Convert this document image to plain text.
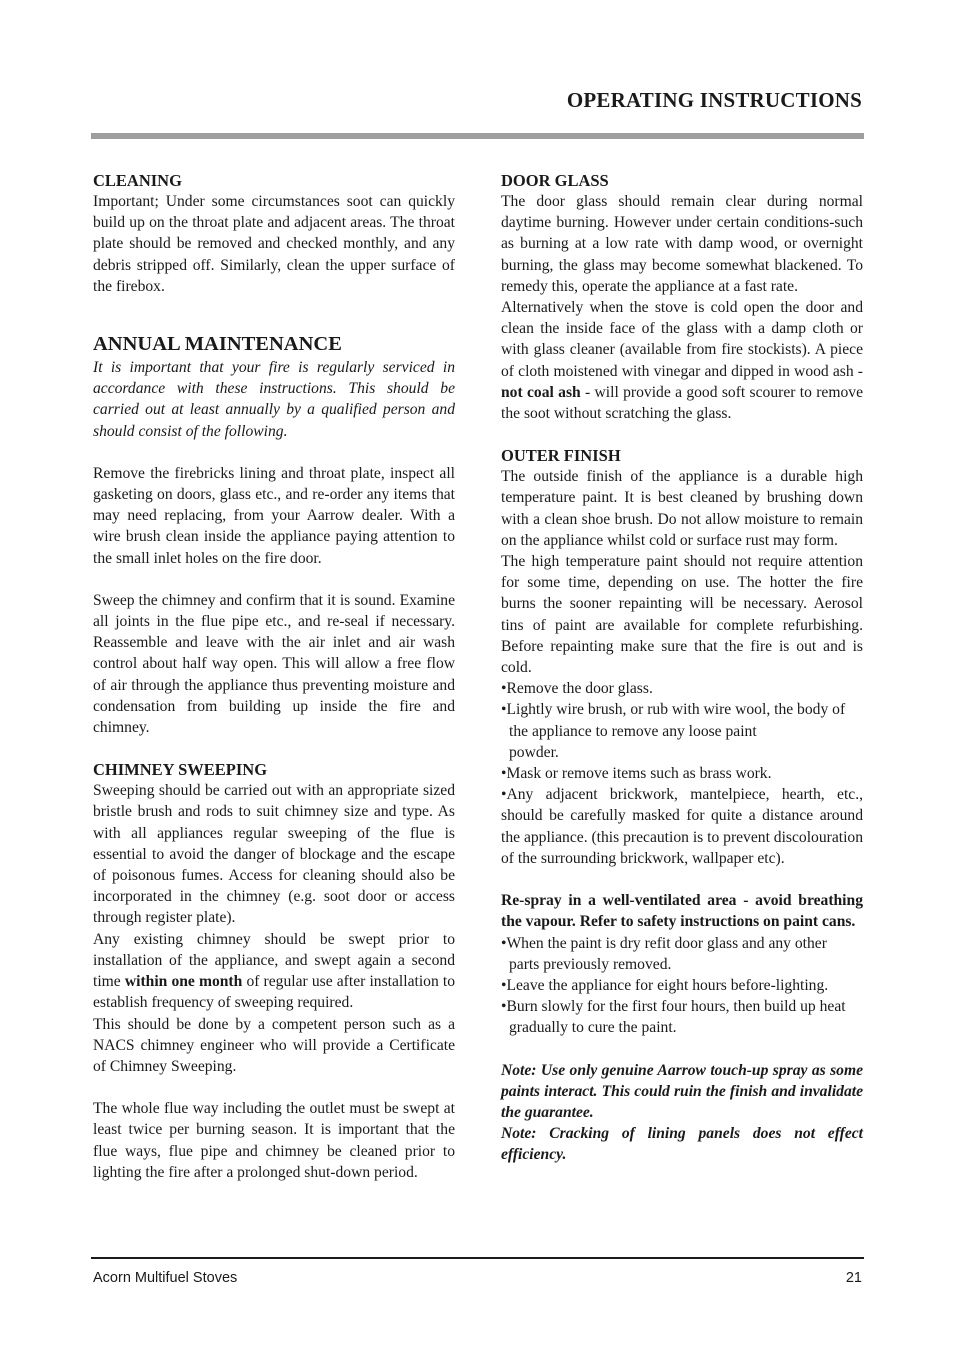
OPERATING INSTRUCTIONS

CLEANING

Important; Under some circumstances soot can quickly build up on the throat plate and adjacent areas. The throat plate should be removed and checked monthly, and any debris stripped off. Similarly, clean the upper surface of the firebox.

ANNUAL MAINTENANCE

It is important that your fire is regularly serviced in accordance with these instructions. This should be carried out at least annually by a qualified person and should consist of the following.

Remove the firebricks lining and throat plate, inspect all gasketing on doors, glass etc., and re-order any items that may need replacing, from your Aarrow dealer. With a wire brush clean inside the appliance paying attention to the small inlet holes on the fire door.

Sweep the chimney and confirm that it is sound. Examine all joints in the flue pipe etc., and re-seal if necessary. Reassemble and leave with the air inlet and air wash control about half way open. This will allow a free flow of air through the appliance thus preventing moisture and condensation from building up inside the fire and chimney.

CHIMNEY SWEEPING

Sweeping should be carried out with an appropriate sized bristle brush and rods to suit chimney size and type. As with all appliances regular sweeping of the flue is essential to avoid the danger of blockage and the escape of poisonous fumes. Access for cleaning should also be incorporated in the chimney (e.g. soot door or access through register plate).

Any existing chimney should be swept prior to installation of the appliance, and swept again a second time within one month of regular use after installation to establish frequency of sweeping required.

This should be done by a competent person such as a NACS chimney engineer who will provide a Certificate of Chimney Sweeping.

The whole flue way including the outlet must be swept at least twice per burning season. It is important that the flue ways, flue pipe and chimney be cleaned prior to lighting the fire after a prolonged shut-down period.

DOOR GLASS

The door glass should remain clear during normal daytime burning. However under certain conditions-such as burning at a low rate with damp wood, or overnight burning, the glass may become somewhat blackened. To remedy this, operate the appliance at a fast rate.

Alternatively when the stove is cold open the door and clean the inside face of the glass with a damp cloth or with glass cleaner (available from fire stockists). A piece of cloth moistened with vinegar and dipped in wood ash - not coal ash - will provide a good soft scourer to remove the soot without scratching the glass.

OUTER FINISH

The outside finish of the appliance is a durable high temperature paint. It is best cleaned by brushing down with a clean shoe brush. Do not allow moisture to remain on the appliance whilst cold or surface rust may form.

The high temperature paint should not require attention for some time, depending on use. The hotter the fire burns the sooner repainting will be necessary. Aerosol tins of paint are available for complete refurbishing. Before repainting make sure that the fire is out and is cold.

•Remove the door glass.

•Lightly wire brush, or rub with wire wool, the body of

the appliance to remove any loose paint

powder.

•Mask or remove items such as brass work.

•Any adjacent brickwork, mantelpiece, hearth, etc., should be carefully masked for quite a distance around the appliance. (this precaution is to prevent discolouration of the surrounding brickwork, wallpaper etc).

Re-spray in a well-ventilated area - avoid breathing the vapour. Refer to safety instructions on paint cans.

•When the paint is dry refit door glass and any other

parts previously removed.

•Leave the appliance for eight hours before-lighting.

•Burn slowly for the first four hours, then build up heat

gradually to cure the paint.

Note: Use only genuine Aarrow touch-up spray as some paints interact. This could ruin the finish and invalidate the guarantee.

Note: Cracking of lining panels does not effect efficiency.

Acorn Multifuel Stoves	21
